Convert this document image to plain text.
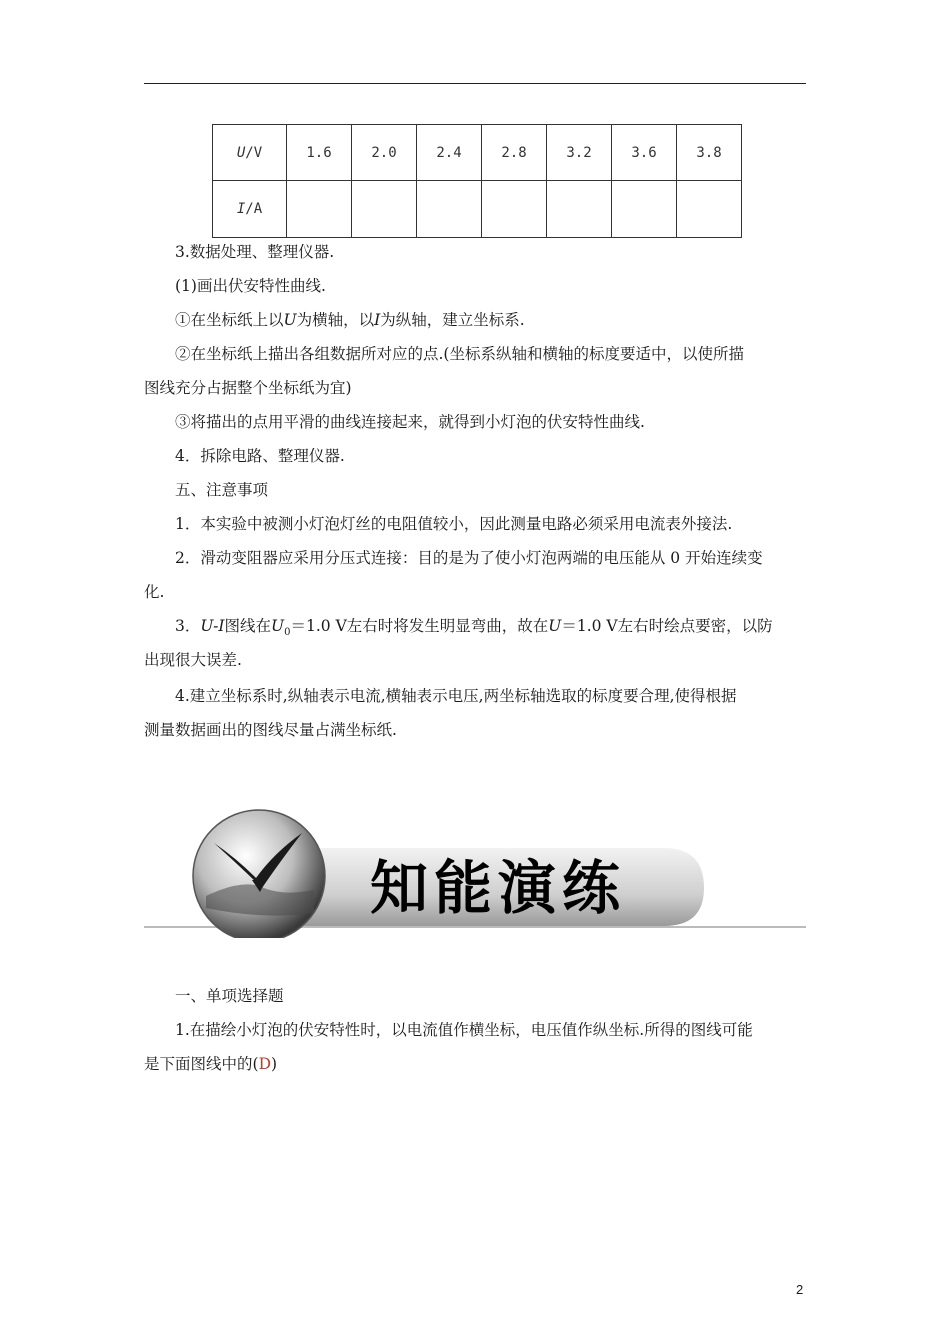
U/V	1.6	2.0	2.4	2.8	3.2	3.6	3.8
I/A							
3.数据处理、整理仪器.
(1)画出伏安特性曲线.
①在坐标纸上以U为横轴，以I为纵轴，建立坐标系.
②在坐标纸上描出各组数据所对应的点.(坐标系纵轴和横轴的标度要适中，以使所描
图线充分占据整个坐标纸为宜)
③将描出的点用平滑的曲线连接起来，就得到小灯泡的伏安特性曲线.
4．拆除电路、整理仪器.
五、注意事项
1．本实验中被测小灯泡灯丝的电阻值较小，因此测量电路必须采用电流表外接法.
2．滑动变阻器应采用分压式连接：目的是为了使小灯泡两端的电压能从 0 开始连续变
化.
3．U-I图线在$U_0=1.0$ V左右时将发生明显弯曲，故在U＝1.0 V左右时绘点要密，以防
出现很大误差.
4.建立坐标系时,纵轴表示电流,横轴表示电压,两坐标轴选取的标度要合理,使得根据
测量数据画出的图线尽量占满坐标纸.
知能演练
一、单项选择题
1.在描绘小灯泡的伏安特性时，以电流值作横坐标，电压值作纵坐标.所得的图线可能
是下面图线中的(D)
2
